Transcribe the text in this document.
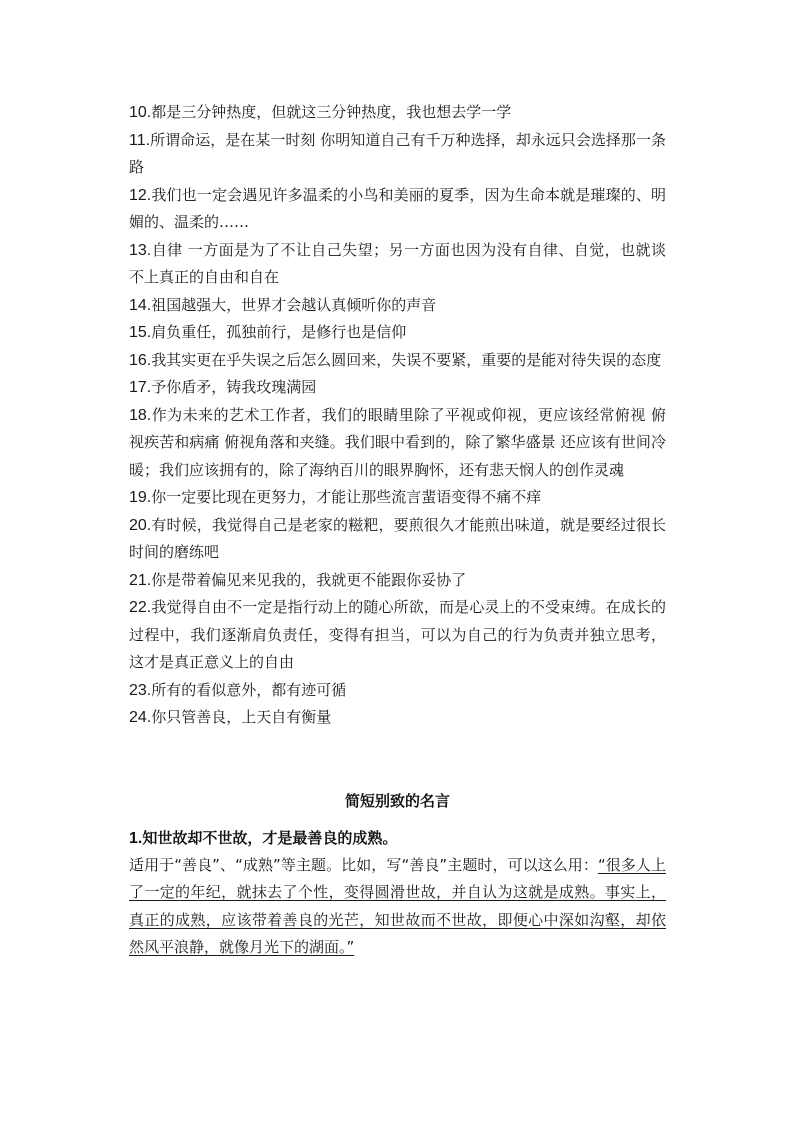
10.都是三分钟热度，但就这三分钟热度，我也想去学一学
11.所谓命运，是在某一时刻 你明知道自己有千万种选择，却永远只会选择那一条路
12.我们也一定会遇见许多温柔的小鸟和美丽的夏季，因为生命本就是璀璨的、明媚的、温柔的……
13.自律 一方面是为了不让自己失望；另一方面也因为没有自律、自觉，也就谈不上真正的自由和自在
14.祖国越强大，世界才会越认真倾听你的声音
15.肩负重任，孤独前行，是修行也是信仰
16.我其实更在乎失误之后怎么圆回来，失误不要紧，重要的是能对待失误的态度
17.予你盾矛，铸我玫瑰满园
18.作为未来的艺术工作者，我们的眼睛里除了平视或仰视，更应该经常俯视 俯视疾苦和病痛 俯视角落和夹缝。我们眼中看到的，除了繁华盛景 还应该有世间冷暖；我们应该拥有的，除了海纳百川的眼界胸怀，还有悲天悯人的创作灵魂
19.你一定要比现在更努力，才能让那些流言蜚语变得不痛不痒
20.有时候，我觉得自己是老家的糍粑，要煎很久才能煎出味道，就是要经过很长时间的磨练吧
21.你是带着偏见来见我的，我就更不能跟你妥协了
22.我觉得自由不一定是指行动上的随心所欲，而是心灵上的不受束缚。在成长的过程中，我们逐渐肩负责任，变得有担当，可以为自己的行为负责并独立思考，这才是真正意义上的自由
23.所有的看似意外，都有迹可循
24.你只管善良，上天自有衡量
简短别致的名言
1.知世故却不世故，才是最善良的成熟。
适用于“善良”、“成熟”等主题。比如，写“善良”主题时，可以这么用：“很多人上了一定的年纪，就抹去了个性，变得圆滑世故，并自认为这就是成熟。事实上，真正的成熟，应该带着善良的光芒，知世故而不世故，即便心中深如沟壑，却依然风平浪静，就像月光下的湖面。”
